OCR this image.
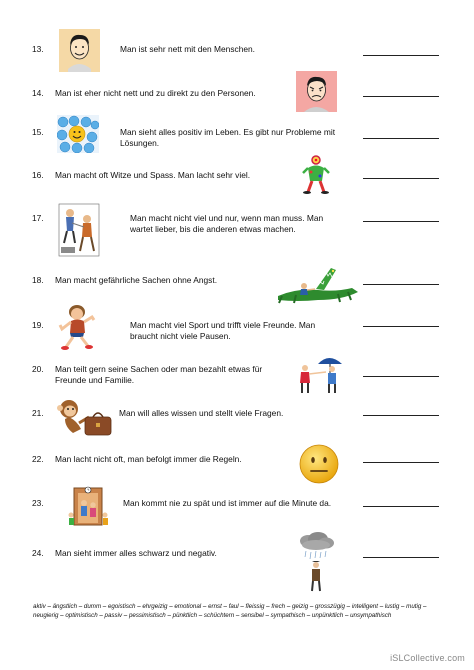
13.	Man ist sehr nett mit den Menschen.
14. Man ist eher nicht nett und zu direkt zu den Personen.
15.	Man sieht alles positiv im Leben. Es gibt nur Probleme mit Lösungen.
16. Man macht oft Witze und Spass. Man lacht sehr viel.
17.	Man macht nicht viel und nur, wenn man muss. Man wartet lieber, bis die anderen etwas machen.
18. Man macht gefährliche Sachen ohne Angst.
19.	Man macht viel Sport und trifft viele Freunde. Man braucht nicht viele Pausen.
20. Man teilt gern seine Sachen oder man bezahlt etwas für Freunde und Familie.
21.	Man will alles wissen und stellt viele Fragen.
22. Man lacht nicht oft, man befolgt immer die Regeln.
23.	Man kommt nie zu spät und ist immer auf die Minute da.
24. Man sieht immer alles schwarz und negativ.
aktiv – ängstlich – dumm – egoistisch – ehrgeizig – emotional – ernst – faul – fleissig – frech – geizig – grosszügig – intelligent – lustig – mutig – neugierig – optimistisch – passiv – pessimistisch – pünktlich – schüchtern – sensibel – sympathisch – unpünktlich – unsympathisch
iSLCollective.com
